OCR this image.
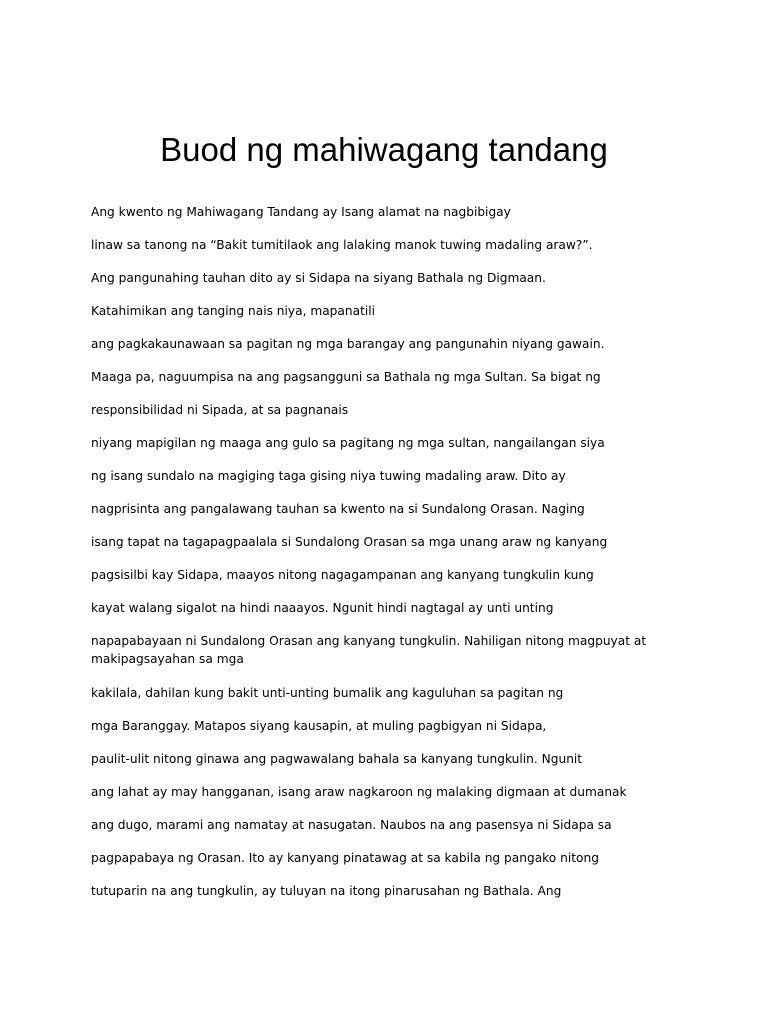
Buod ng mahiwagang tandang

Ang kwento ng Mahiwagang Tandang ay Isang alamat na nagbibigay

linaw sa tanong na “Bakit tumitilaok ang lalaking manok tuwing madaling araw?”.

Ang pangunahing tauhan dito ay si Sidapa na siyang Bathala ng Digmaan.

Katahimikan ang tanging nais niya, mapanatili

ang pagkakaunawaan sa pagitan ng mga barangay ang pangunahin niyang gawain.

Maaga pa, naguumpisa na ang pagsangguni sa Bathala ng mga Sultan. Sa bigat ng

responsibilidad ni Sipada, at sa pagnanais

niyang mapigilan ng maaga ang gulo sa pagitang ng mga sultan, nangailangan siya

ng isang sundalo na magiging taga gising niya tuwing madaling araw. Dito ay

nagprisinta ang pangalawang tauhan sa kwento na si Sundalong Orasan. Naging

isang tapat na tagapagpaalala si Sundalong Orasan sa mga unang araw ng kanyang

pagsisilbi kay Sidapa, maayos nitong nagagampanan ang kanyang tungkulin kung

kayat walang sigalot na hindi naaayos. Ngunit hindi nagtagal ay unti unting

napapabayaan ni Sundalong Orasan ang kanyang tungkulin. Nahiligan nitong magpuyat at makipagsayahan sa mga

kakilala, dahilan kung bakit unti-unting bumalik ang kaguluhan sa pagitan ng

mga Baranggay. Matapos siyang kausapin, at muling pagbigyan ni Sidapa,

paulit-ulit nitong ginawa ang pagwawalang bahala sa kanyang tungkulin. Ngunit

ang lahat ay may hangganan, isang araw nagkaroon ng malaking digmaan at dumanak

ang dugo, marami ang namatay at nasugatan. Naubos na ang pasensya ni Sidapa sa

pagpapabaya ng Orasan. Ito ay kanyang pinatawag at sa kabila ng pangako nitong

tutuparin na ang tungkulin, ay tuluyan na itong pinarusahan ng Bathala. Ang
